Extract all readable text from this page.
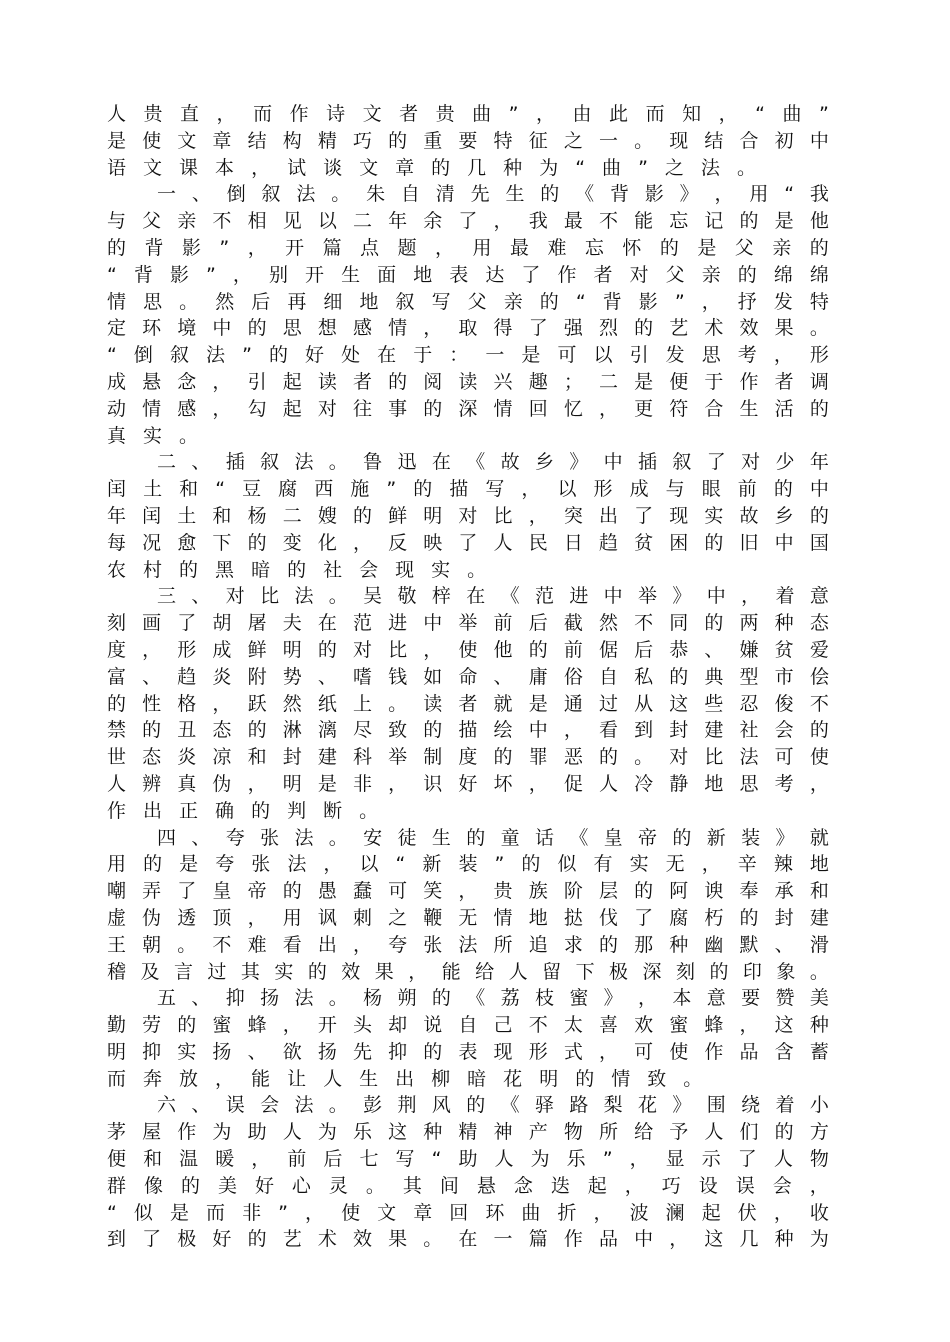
人 贵 直 ， 而 作 诗 文 者 贵 曲 ” ， 由 此 而 知 ， “ 曲 ”
是 使 文 章 结 构 精 巧 的 重 要 特 征 之 一 。 现 结 合 初 中
语 文 课 本 ， 试 谈 文 章 的 几 种 为 “ 曲 ” 之 法 。
一 、 倒 叙 法 。 朱 自 清 先 生 的 《 背 影 》 ， 用 “ 我
与 父 亲 不 相 见 以 二 年 余 了 ， 我 最 不 能 忘 记 的 是 他
的 背 影 ” ， 开 篇 点 题 ， 用 最 难 忘 怀 的 是 父 亲 的
“ 背 影 ” ， 别 开 生 面 地 表 达 了 作 者 对 父 亲 的 绵 绵
情 思 。 然 后 再 细 地 叙 写 父 亲 的 “ 背 影 ” ， 抒 发 特
定 环 境 中 的 思 想 感 情 ， 取 得 了 强 烈 的 艺 术 效 果 。
“ 倒 叙 法 ” 的 好 处 在 于 ： 一 是 可 以 引 发 思 考 ， 形
成 悬 念 ， 引 起 读 者 的 阅 读 兴 趣 ； 二 是 便 于 作 者 调
动 情 感 ， 勾 起 对 往 事 的 深 情 回 忆 ， 更 符 合 生 活 的
真 实 。
二 、 插 叙 法 。 鲁 迅 在 《 故 乡 》 中 插 叙 了 对 少 年
闰 土 和 “ 豆 腐 西 施 ” 的 描 写 ， 以 形 成 与 眼 前 的 中
年 闰 土 和 杨 二 嫂 的 鲜 明 对 比 ， 突 出 了 现 实 故 乡 的
每 况 愈 下 的 变 化 ， 反 映 了 人 民 日 趋 贫 困 的 旧 中 国
农 村 的 黑 暗 的 社 会 现 实 。
三 、 对 比 法 。 吴 敬 梓 在 《 范 进 中 举 》 中 ， 着 意
刻 画 了 胡 屠 夫 在 范 进 中 举 前 后 截 然 不 同 的 两 种 态
度 ， 形 成 鲜 明 的 对 比 ， 使 他 的 前 倨 后 恭 、 嫌 贫 爱
富 、 趋 炎 附 势 、 嗜 钱 如 命 、 庸 俗 自 私 的 典 型 市 侩
的 性 格 ， 跃 然 纸 上 。 读 者 就 是 通 过 从 这 些 忍 俊 不
禁 的 丑 态 的 淋 漓 尽 致 的 描 绘 中 ， 看 到 封 建 社 会 的
世 态 炎 凉 和 封 建 科 举 制 度 的 罪 恶 的 。 对 比 法 可 使
人 辨 真 伪 ， 明 是 非 ， 识 好 坏 ， 促 人 冷 静 地 思 考 ，
作 出 正 确 的 判 断 。
四 、 夸 张 法 。 安 徒 生 的 童 话 《 皇 帝 的 新 装 》 就
用 的 是 夸 张 法 ， 以 “ 新 装 ” 的 似 有 实 无 ， 辛 辣 地
嘲 弄 了 皇 帝 的 愚 蠢 可 笑 ， 贵 族 阶 层 的 阿 谀 奉 承 和
虚 伪 透 顶 ， 用 讽 刺 之 鞭 无 情 地 挞 伐 了 腐 朽 的 封 建
王 朝 。 不 难 看 出 ， 夸 张 法 所 追 求 的 那 种 幽 默 、 滑
稽 及 言 过 其 实 的 效 果 ， 能 给 人 留 下 极 深 刻 的 印 象 。
五 、 抑 扬 法 。 杨 朔 的 《 荔 枝 蜜 》 ， 本 意 要 赞 美
勤 劳 的 蜜 蜂 ， 开 头 却 说 自 己 不 太 喜 欢 蜜 蜂 ， 这 种
明 抑 实 扬 、 欲 扬 先 抑 的 表 现 形 式 ， 可 使 作 品 含 蓄
而 奔 放 ， 能 让 人 生 出 柳 暗 花 明 的 情 致 。
六 、 误 会 法 。 彭 荆 风 的 《 驿 路 梨 花 》 围 绕 着 小
茅 屋 作 为 助 人 为 乐 这 种 精 神 产 物 所 给 予 人 们 的 方
便 和 温 暖 ， 前 后 七 写 “ 助 人 为 乐 ” ， 显 示 了 人 物
群 像 的 美 好 心 灵 。 其 间 悬 念 迭 起 ， 巧 设 误 会 ，
“ 似 是 而 非 ” ， 使 文 章 回 环 曲 折 ， 波 澜 起 伏 ， 收
到 了 极 好 的 艺 术 效 果 。 在 一 篇 作 品 中 ， 这 几 种 为
